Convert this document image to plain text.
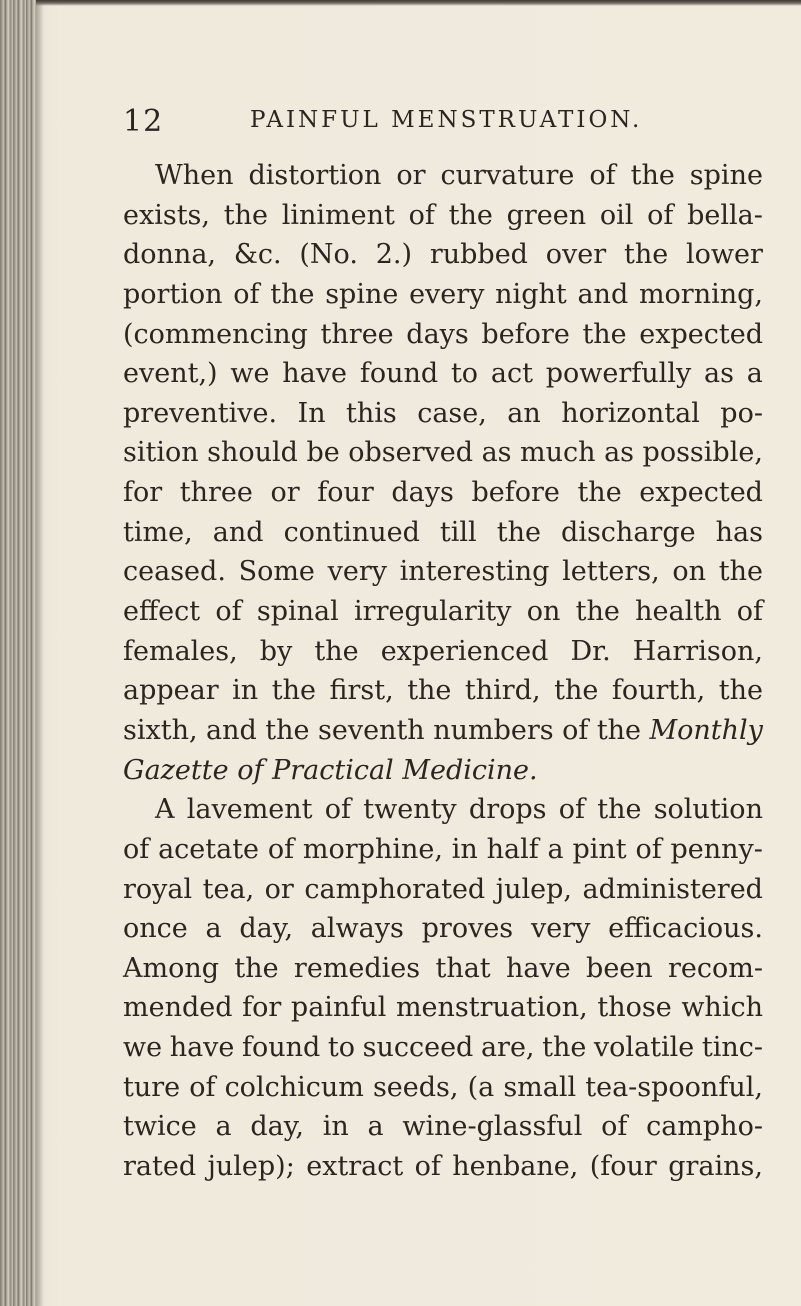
12	PAINFUL MENSTRUATION.
When distortion or curvature of the spine
exists, the liniment of the green oil of bella-
donna, &c. (No. 2.) rubbed over the lower
portion of the spine every night and morning,
(commencing three days before the expected
event,) we have found to act powerfully as a
preventive. In this case, an horizontal po-
sition should be observed as much as possible,
for three or four days before the expected
time, and continued till the discharge has
ceased. Some very interesting letters, on the
effect of spinal irregularity on the health of
females, by the experienced Dr. Harrison,
appear in the first, the third, the fourth, the
sixth, and the seventh numbers of the Monthly
Gazette of Practical Medicine.
A lavement of twenty drops of the solution
of acetate of morphine, in half a pint of penny-
royal tea, or camphorated julep, administered
once a day, always proves very efficacious.
Among the remedies that have been recom-
mended for painful menstruation, those which
we have found to succeed are, the volatile tinc-
ture of colchicum seeds, (a small tea-spoonful,
twice a day, in a wine-glassful of campho-
rated julep); extract of henbane, (four grains,
